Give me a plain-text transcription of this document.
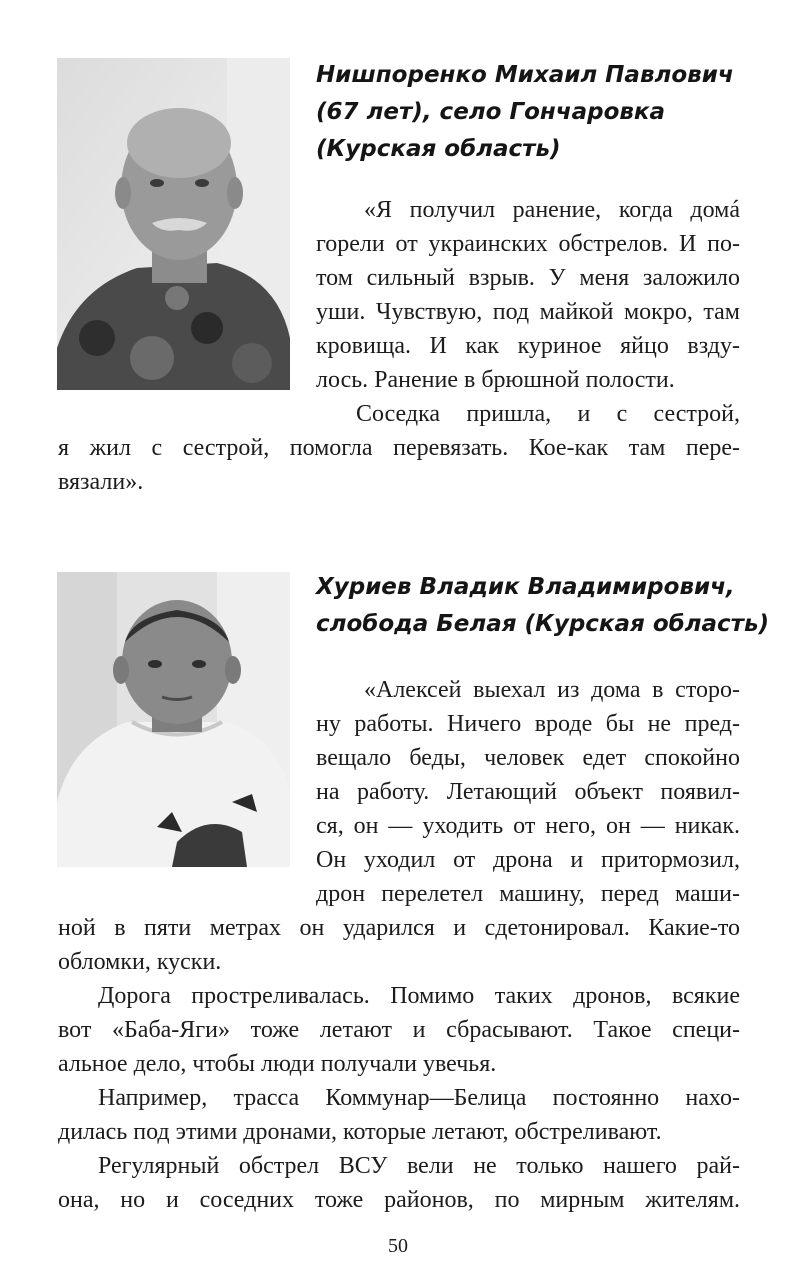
Нишпоренко Михаил Павлович
(67 лет), село Гончаровка
(Курская область)
«Я получил ранение, когда домá
горели от украинских обстрелов. И по-
том сильный взрыв. У меня заложило
уши. Чувствую, под майкой мокро, там
кровища. И как куриное яйцо взду-
лось. Ранение в брюшной полости.
Соседка пришла, и с сестрой,
я жил с сестрой, помогла перевязать. Кое-как там пере-
вязали».
Хуриев Владик Владимирович,
слобода Белая (Курская область)
«Алексей выехал из дома в сторо-
ну работы. Ничего вроде бы не пред-
вещало беды, человек едет спокойно
на работу. Летающий объект появил-
ся, он — уходить от него, он — никак.
Он уходил от дрона и притормозил,
дрон перелетел машину, перед маши-
ной в пяти метрах он ударился и сдетонировал. Какие-то
обломки, куски.
Дорога простреливалась. Помимо таких дронов, всякие
вот «Баба-Яги» тоже летают и сбрасывают. Такое специ-
альное дело, чтобы люди получали увечья.
Например, трасса Коммунар—Белица постоянно нахо-
дилась под этими дронами, которые летают, обстреливают.
Регулярный обстрел ВСУ вели не только нашего рай-
она, но и соседних тоже районов, по мирным жителям.
50
